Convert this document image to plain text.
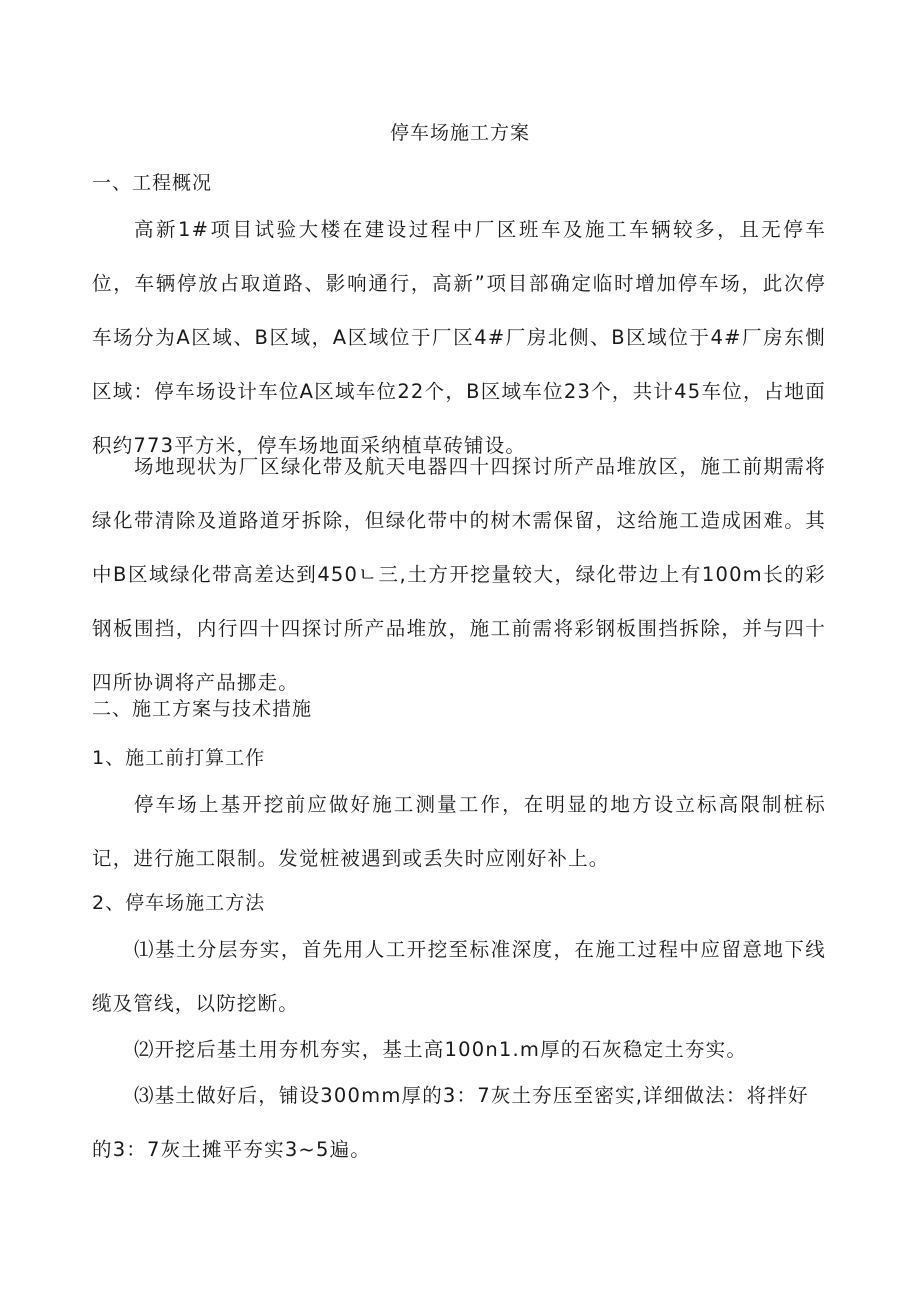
停车场施工方案
一、工程概况
高新1#项目试验大楼在建设过程中厂区班车及施工车辆较多，且无停车位，车辆停放占取道路、影响通行，高新”项目部确定临时增加停车场，此次停车场分为A区域、B区域，A区域位于厂区4#厂房北侧、B区域位于4#厂房东惻区域：停车场设计车位A区域车位22个，B区域车位23个，共计45车位，占地面积约773平方米，停车场地面采纳植草砖铺设。
场地现状为厂区绿化带及航天电器四十四探讨所产品堆放区，施工前期需将绿化带清除及道路道牙拆除，但绿化带中的树木需保留，这给施工造成困难。其中B区域绿化带高差达到450ㄴ三,土方开挖量较大，绿化带边上有100m长的彩钢板围挡，内行四十四探讨所产品堆放，施工前需将彩钢板围挡拆除，并与四十四所协调将产品挪走。
二、施工方案与技术措施
1、施工前打算工作
停车场上基开挖前应做好施工测量工作，在明显的地方设立标高限制桩标记，进行施工限制。发觉桩被遇到或丢失时应刚好补上。
2、停车场施工方法
⑴基土分层夯实，首先用人工开挖至标准深度，在施工过程中应留意地下线缆及管线，以防挖断。
⑵开挖后基土用夯机夯实，基土高100n1.m厚的石灰稳定土夯实。
⑶基土做好后，铺设300mm厚的3：7灰土夯压至密实,详细做法：将拌好
的3：7灰土摊平夯实3~5遍。
